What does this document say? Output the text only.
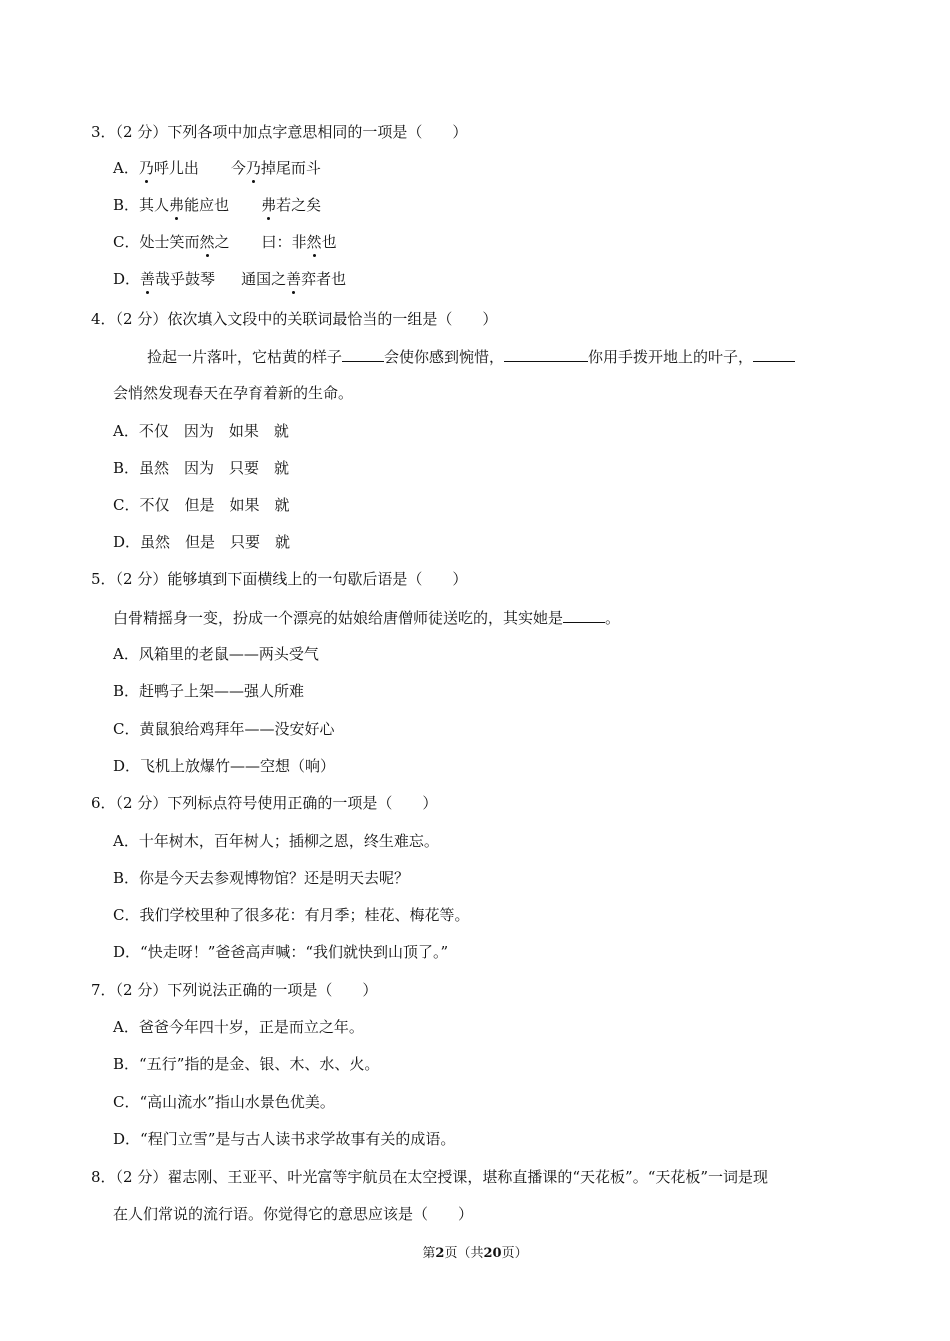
3．（2 分）下列各项中加点字意思相同的一项是（　　）
A．乃呼儿出 今乃掉尾而斗
B．其人弗能应也 弗若之矣
C．处士笑而然之 曰：非然也
D．善哉乎鼓琴 通国之善弈者也
4．（2 分）依次填入文段中的关联词最恰当的一组是（　　）
捡起一片落叶，它枯黄的样子	会使你感到惋惜，	你用手拨开地上的叶子，
会悄然发现春天在孕育着新的生命。
A．不仅　因为　如果　就
B．虽然　因为　只要　就
C．不仅　但是　如果　就
D．虽然　但是　只要　就
5．（2 分）能够填到下面横线上的一句歇后语是（　　）
白骨精摇身一变，扮成一个漂亮的姑娘给唐僧师徒送吃的，其实她是	。
A．风箱里的老鼠——两头受气
B．赶鸭子上架——强人所难
C．黄鼠狼给鸡拜年——没安好心
D．飞机上放爆竹——空想（响）
6．（2 分）下列标点符号使用正确的一项是（　　）
A．十年树木，百年树人；插柳之恩，终生难忘。
B．你是今天去参观博物馆？还是明天去呢？
C．我们学校里种了很多花：有月季；桂花、梅花等。
D．“快走呀！”爸爸高声喊：“我们就快到山顶了。”
7．（2 分）下列说法正确的一项是（　　）
A．爸爸今年四十岁，正是而立之年。
B．“五行”指的是金、银、木、水、火。
C．“高山流水”指山水景色优美。
D．“程门立雪”是与古人读书求学故事有关的成语。
8．（2 分）翟志刚、王亚平、叶光富等宇航员在太空授课，堪称直播课的“天花板”。“天花板”一词是现
在人们常说的流行语。你觉得它的意思应该是（　　）
第2页（共20页）
